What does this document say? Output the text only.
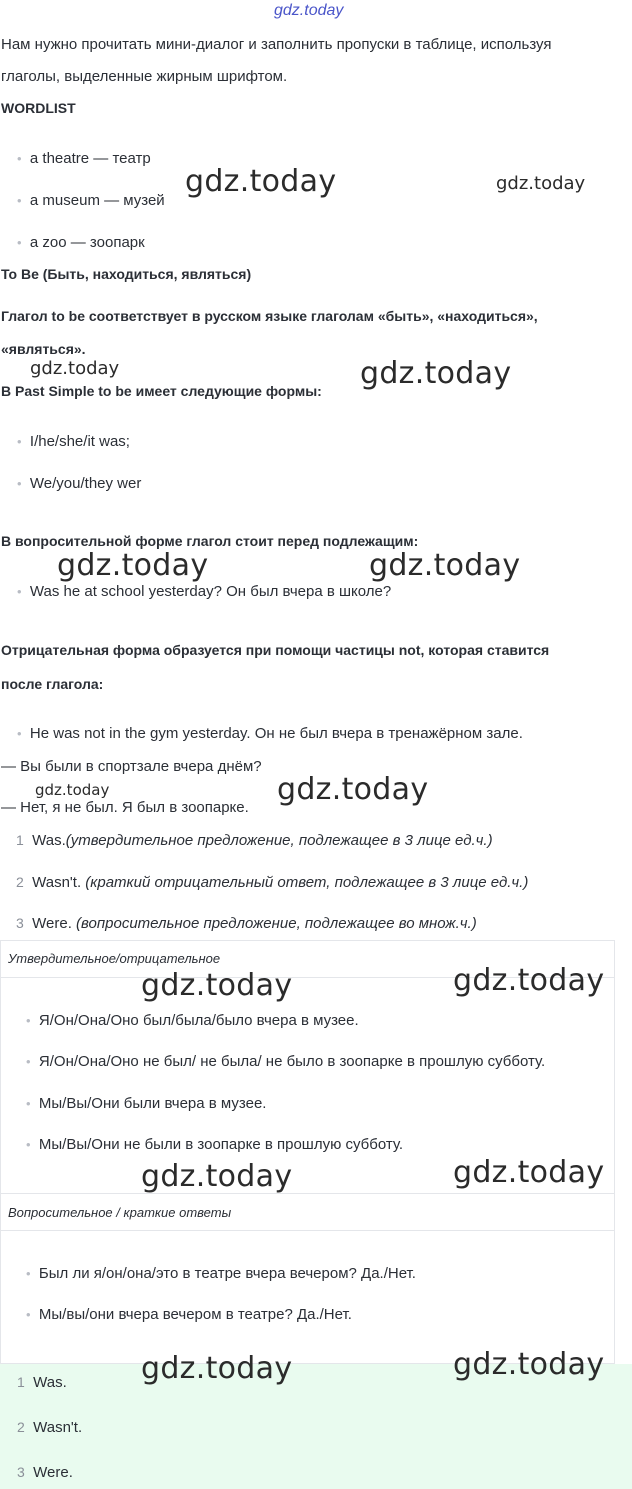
gdz.today
Нам нужно прочитать мини-диалог и заполнить пропуски в таблице, используя
глаголы, выделенные жирным шрифтом.
WORDLIST
• a theatre — театр
• a museum — музей
• a zoo — зоопарк
To Be (Быть, находиться, являться)
Глагол to be соответствует в русском языке глаголам «быть», «находиться»,
«являться».
В Past Simple to be имеет следующие формы:
• I/he/she/it was;
• We/you/they wer
В вопросительной форме глагол стоит перед подлежащим:
• Was he at school yesterday? Он был вчера в школе?
Отрицательная форма образуется при помощи частицы not, которая ставится
после глагола:
• He was not in the gym yesterday. Он не был вчера в тренажёрном зале.
— Вы были в спортзале вчера днём?
— Нет, я не был. Я был в зоопарке.
1 Was.(утвердительное предложение, подлежащее в 3 лице ед.ч.)
2 Wasn't. (краткий отрицательный ответ, подлежащее в 3 лице ед.ч.)
3 Were. (вопросительное предложение, подлежащее во множ.ч.)
Утвердительное/отрицательное
• Я/Он/Она/Оно был/была/было вчера в музее.
• Я/Он/Она/Оно не был/ не была/ не было в зоопарке в прошлую субботу.
• Мы/Вы/Они были вчера в музее.
• Мы/Вы/Они не были в зоопарке в прошлую субботу.
Вопросительное / краткие ответы
• Был ли я/он/она/это в театре вчера вечером? Да./Нет.
• Мы/вы/они вчера вечером в театре? Да./Нет.
1 Was.
2 Wasn't.
3 Were.
gdz.today	gdz.today
gdz.today	gdz.today
gdz.today	gdz.today
gdz.today	gdz.today
gdz.today	gdz.today
gdz.today	gdz.today
gdz.today	gdz.today
